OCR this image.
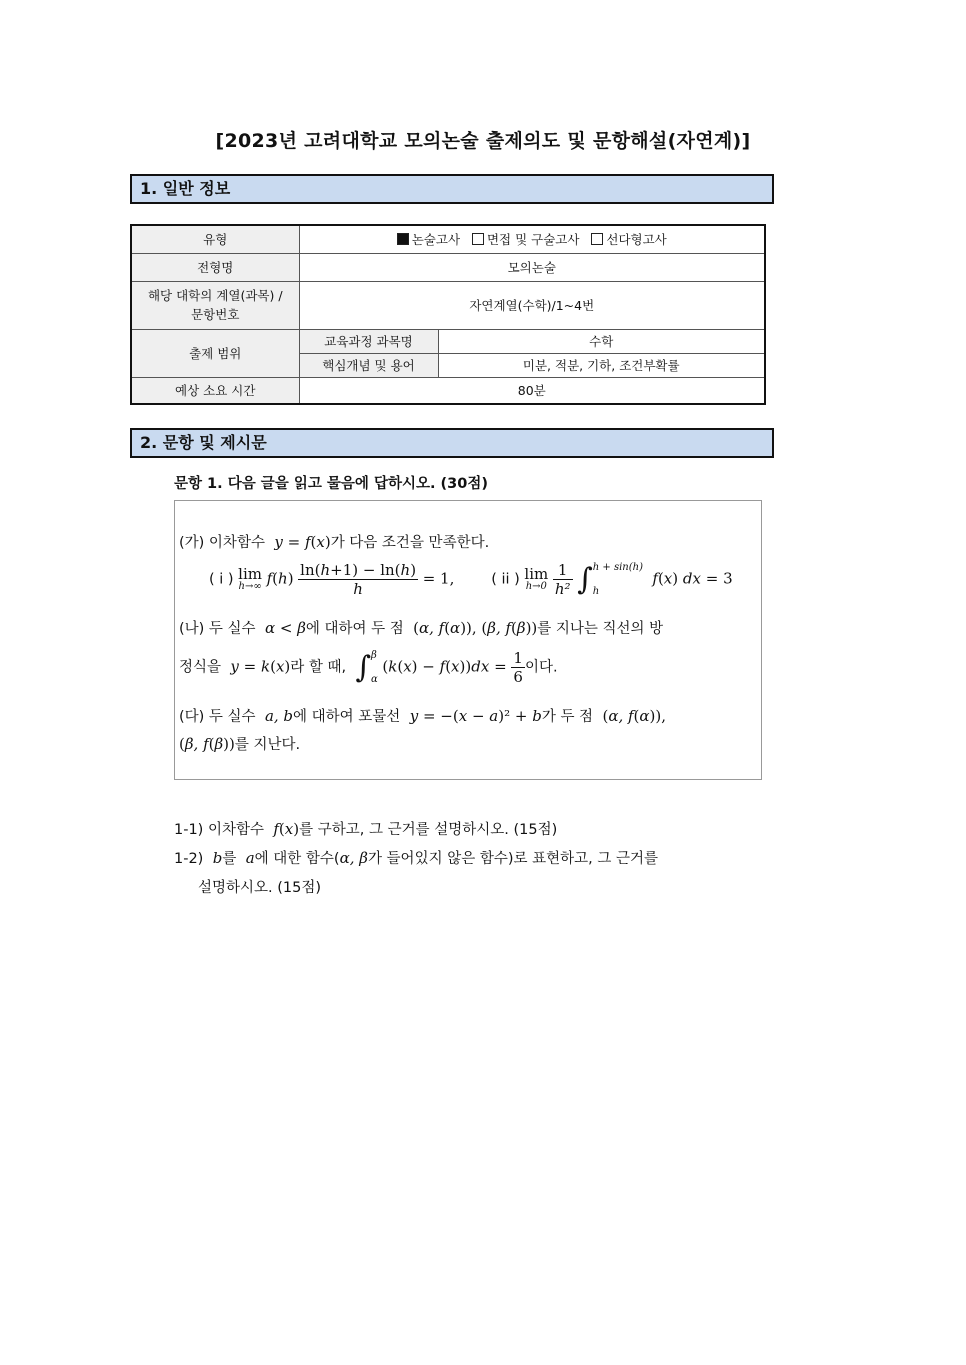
[2023년 고려대학교 모의논술 출제의도 및 문항해설(자연계)]
1. 일반 정보
유형	논술고사 면접 및 구술고사 선다형고사	
전형명	모의논술	
해당 대학의 계열(과목) / 문항번호	자연계열(수학)/1~4번	
출제 범위	교육과정 과목명	수학
	핵심개념 및 용어	미분, 적분, 기하, 조건부확률
예상 소요 시간	80분	
2. 문항 및 제시문
문항 1. 다음 글을 읽고 물음에 답하시오. (30점)
(가) 이차함수  y = f(x)가 다음 조건을 만족한다.
( i ) lim
h→∞ $f(h) \frac{\ln(h+1) - \ln(h)}{h} = 1$,	( ii ) lim
h→0
$\frac{1}{\text{h²}}$ ∫ h + sin(h)
h
f(x) dx = 3
(나) 두 실수  α < β에 대하여 두 점  (α, f(α)), (β, f(β))를 지나는 직선의 방
정식을  y = k(x)라 할 때, ∫ β
α
$(k(x) - f(x))dx = \frac{1}{6}$ 이다.
(다) 두 실수  a, b에 대하여 포물선  y = −(x − a)² + b가 두 점  (α, f(α)),
(β, f(β))를 지난다.
1-1) 이차함수  f(x)를 구하고, 그 근거를 설명하시오. (15점)
1-2)  b를  a에 대한 함수(α, β가 들어있지 않은 함수)로 표현하고, 그 근거를
설명하시오. (15점)
